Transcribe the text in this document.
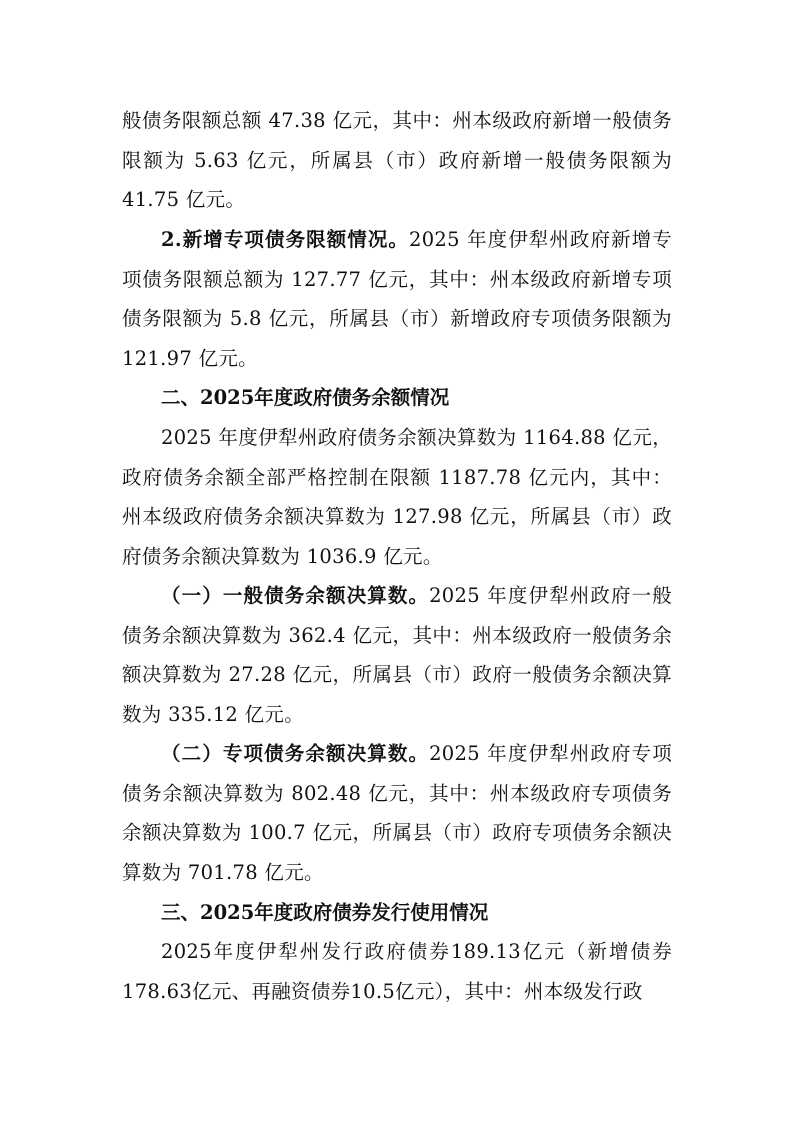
般债务限额总额 47.38 亿元，其中：州本级政府新增一般债务限额为 5.63 亿元，所属县（市）政府新增一般债务限额为41.75 亿元。

2.新增专项债务限额情况。2025 年度伊犁州政府新增专项债务限额总额为 127.77 亿元，其中：州本级政府新增专项债务限额为 5.8 亿元，所属县（市）新增政府专项债务限额为 121.97 亿元。

二、2025年度政府债务余额情况

2025 年度伊犁州政府债务余额决算数为 1164.88 亿元，政府债务余额全部严格控制在限额 1187.78 亿元内，其中：州本级政府债务余额决算数为 127.98 亿元，所属县（市）政府债务余额决算数为 1036.9 亿元。

（一）一般债务余额决算数。2025 年度伊犁州政府一般债务余额决算数为 362.4 亿元，其中：州本级政府一般债务余额决算数为 27.28 亿元，所属县（市）政府一般债务余额决算数为 335.12 亿元。

（二）专项债务余额决算数。2025 年度伊犁州政府专项债务余额决算数为 802.48 亿元，其中：州本级政府专项债务余额决算数为 100.7 亿元，所属县（市）政府专项债务余额决算数为 701.78 亿元。

三、2025年度政府债券发行使用情况

2025年度伊犁州发行政府债券189.13亿元（新增债券178.63亿元、再融资债券10.5亿元），其中：州本级发行政
